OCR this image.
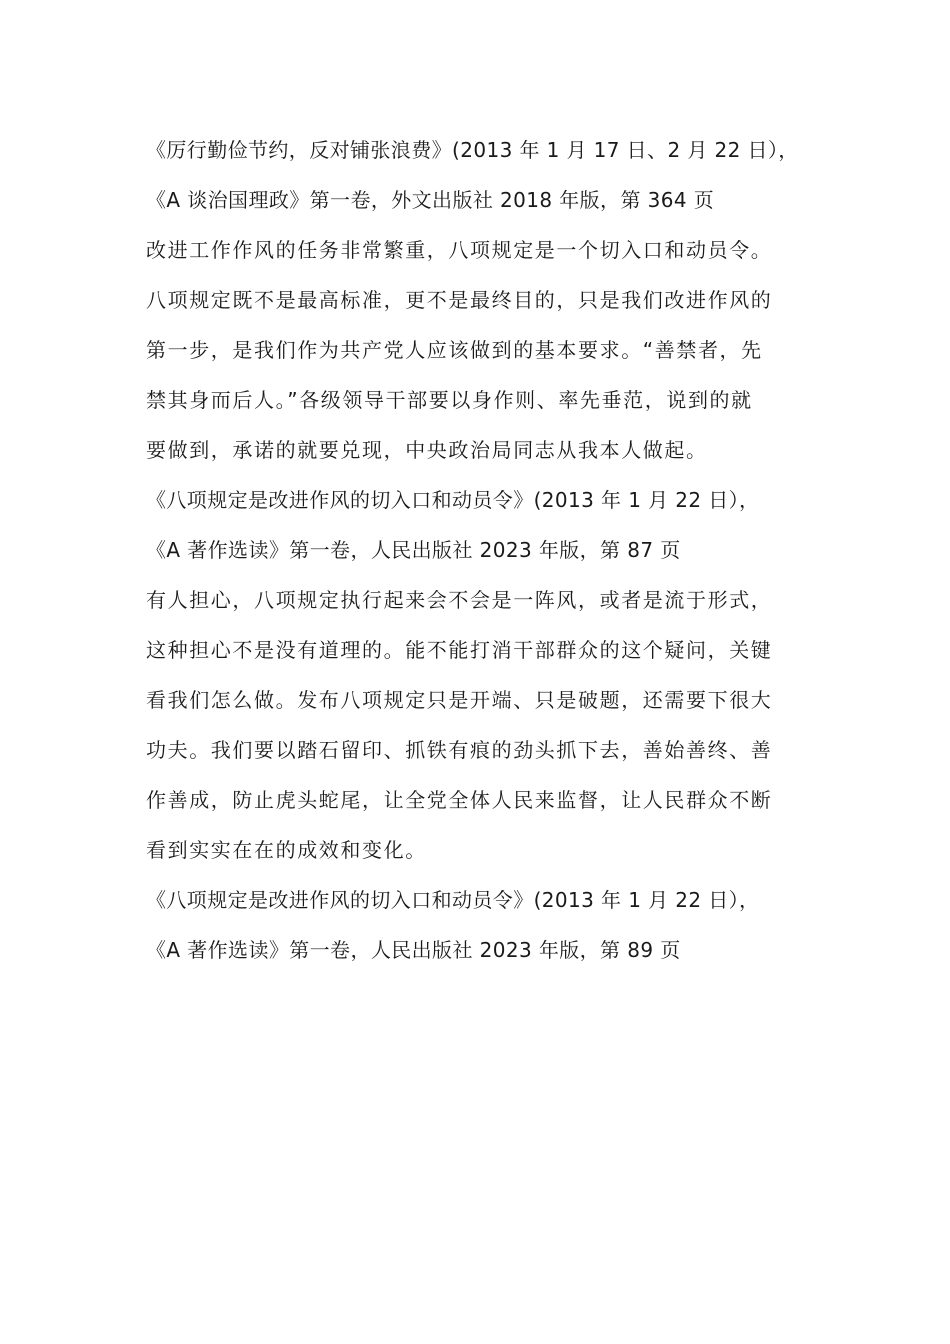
《厉行勤俭节约，反对铺张浪费》(2013 年 1 月 17 日、2 月 22 日），
《A 谈治国理政》第一卷，外文出版社 2018 年版，第 364 页
改进工作作风的任务非常繁重，八项规定是一个切入口和动员令。
八项规定既不是最高标准，更不是最终目的，只是我们改进作风的
第一步，是我们作为共产党人应该做到的基本要求。“善禁者，先
禁其身而后人。”各级领导干部要以身作则、率先垂范，说到的就
要做到，承诺的就要兑现，中央政治局同志从我本人做起。
《八项规定是改进作风的切入口和动员令》(2013 年 1 月 22 日），
《A 著作选读》第一卷，人民出版社 2023 年版，第 87 页
有人担心，八项规定执行起来会不会是一阵风，或者是流于形式，
这种担心不是没有道理的。能不能打消干部群众的这个疑问，关键
看我们怎么做。发布八项规定只是开端、只是破题，还需要下很大
功夫。我们要以踏石留印、抓铁有痕的劲头抓下去，善始善终、善
作善成，防止虎头蛇尾，让全党全体人民来监督，让人民群众不断
看到实实在在的成效和变化。
《八项规定是改进作风的切入口和动员令》(2013 年 1 月 22 日），
《A 著作选读》第一卷，人民出版社 2023 年版，第 89 页
